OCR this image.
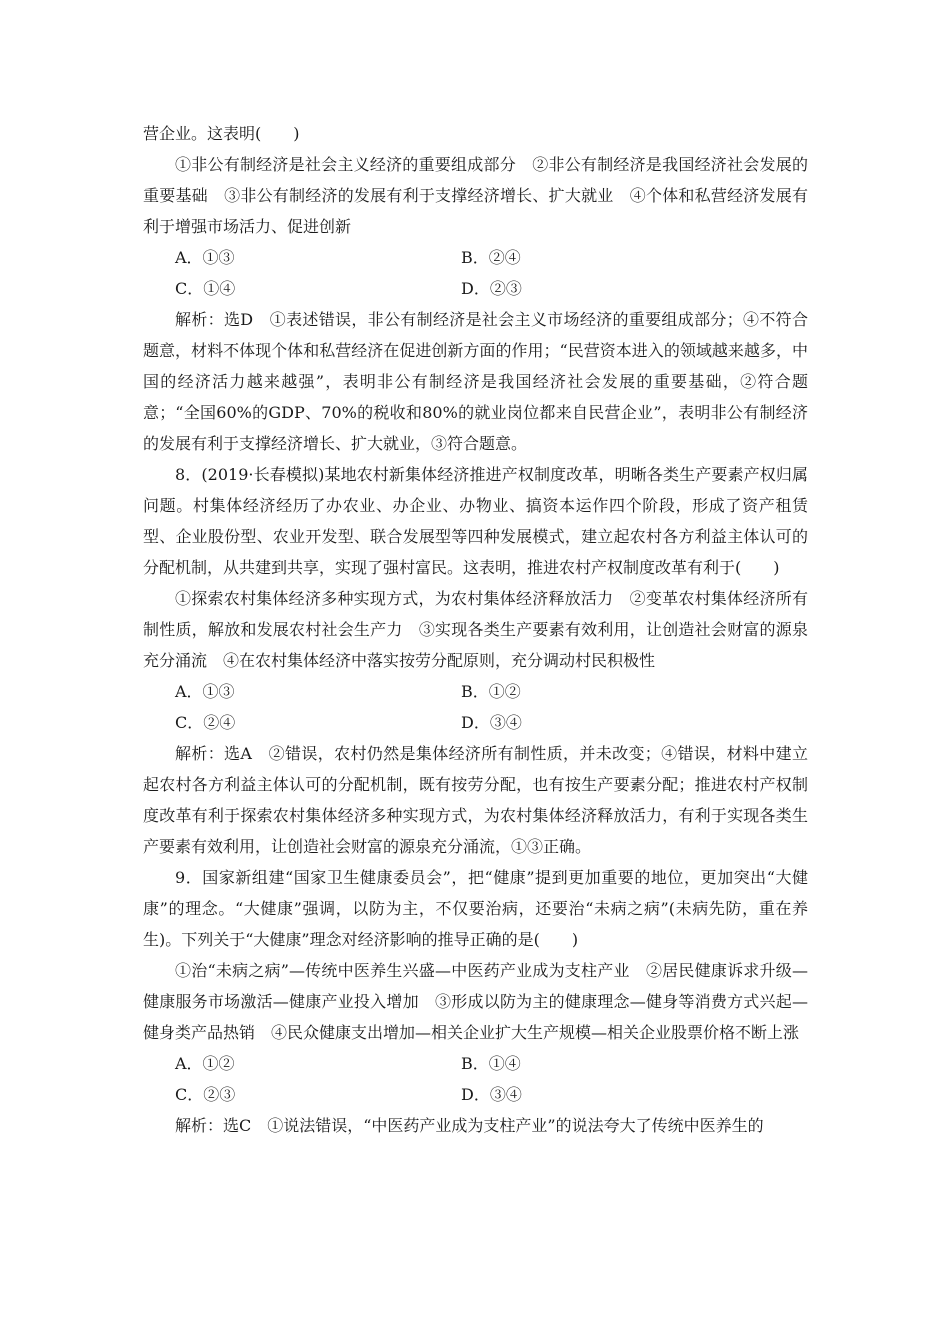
营企业。这表明(　　)

①非公有制经济是社会主义经济的重要组成部分　②非公有制经济是我国经济社会发展的重要基础　③非公有制经济的发展有利于支撑经济增长、扩大就业　④个体和私营经济发展有利于增强市场活力、促进创新

A．①③	B．②④
C．①④	D．②③

解析：选D　①表述错误，非公有制经济是社会主义市场经济的重要组成部分；④不符合题意，材料不体现个体和私营经济在促进创新方面的作用；“民营资本进入的领域越来越多，中国的经济活力越来越强”，表明非公有制经济是我国经济社会发展的重要基础，②符合题意；“全国60%的GDP、70%的税收和80%的就业岗位都来自民营企业”，表明非公有制经济的发展有利于支撑经济增长、扩大就业，③符合题意。

8．(2019·长春模拟)某地农村新集体经济推进产权制度改革，明晰各类生产要素产权归属问题。村集体经济经历了办农业、办企业、办物业、搞资本运作四个阶段，形成了资产租赁型、企业股份型、农业开发型、联合发展型等四种发展模式，建立起农村各方利益主体认可的分配机制，从共建到共享，实现了强村富民。这表明，推进农村产权制度改革有利于(　　)

①探索农村集体经济多种实现方式，为农村集体经济释放活力　②变革农村集体经济所有制性质，解放和发展农村社会生产力　③实现各类生产要素有效利用，让创造社会财富的源泉充分涌流　④在农村集体经济中落实按劳分配原则，充分调动村民积极性

A．①③	B．①②
C．②④	D．③④

解析：选A　②错误，农村仍然是集体经济所有制性质，并未改变；④错误，材料中建立起农村各方利益主体认可的分配机制，既有按劳分配，也有按生产要素分配；推进农村产权制度改革有利于探索农村集体经济多种实现方式，为农村集体经济释放活力，有利于实现各类生产要素有效利用，让创造社会财富的源泉充分涌流，①③正确。

9．国家新组建“国家卫生健康委员会”，把“健康”提到更加重要的地位，更加突出“大健康”的理念。“大健康”强调，以防为主，不仅要治病，还要治“未病之病”(未病先防，重在养生)。下列关于“大健康”理念对经济影响的推导正确的是(　　)

①治“未病之病”—传统中医养生兴盛—中医药产业成为支柱产业　②居民健康诉求升级—健康服务市场激活—健康产业投入增加　③形成以防为主的健康理念—健身等消费方式兴起—健身类产品热销　④民众健康支出增加—相关企业扩大生产规模—相关企业股票价格不断上涨

A．①②	B．①④
C．②③	D．③④

解析：选C　①说法错误，“中医药产业成为支柱产业”的说法夸大了传统中医养生的
